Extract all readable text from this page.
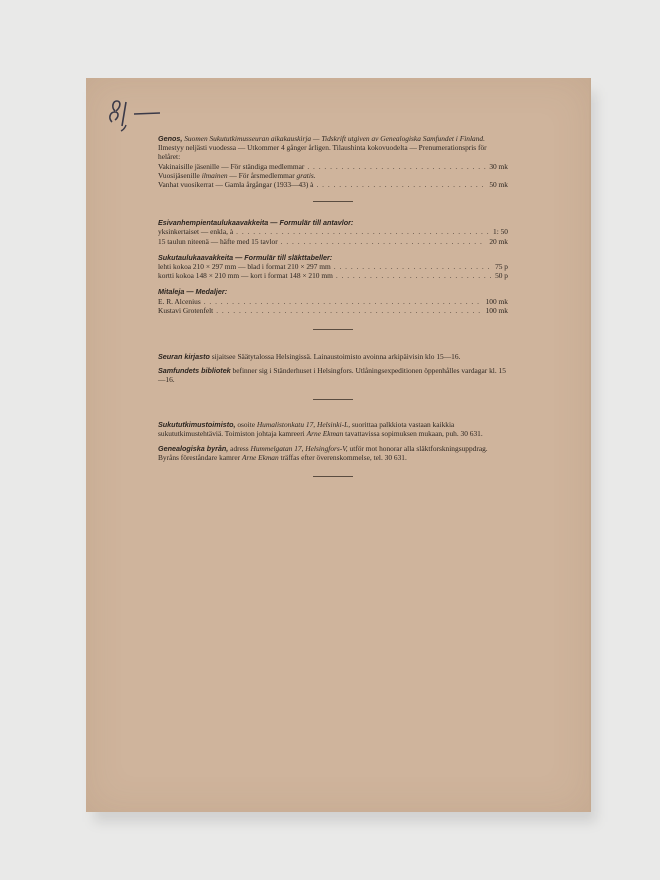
Genos, Suomen Sukututkimusseuran aikakauskirja — Tidskrift utgiven av Genealogiska Samfundet i Finland. Ilmestyy neljästi vuodessa — Utkommer 4 gånger årligen. Tilaushinta kokovuodelta — Prenumerationspris för helåret:

Vakinaisille jäsenille — För ständiga medlemmar . . .	30 mk
Vuosijäsenille ilmainen — För årsmedlemmar gratis.
Vanhat vuosikerrat — Gamla årgångar (1933—43) à . . .	50 mk

Esivanhempientaulukaavakkeita — Formulär till antavlor:

yksinkertaiset — enkla, à . . .	1: 50
15 taulun niteenä — häfte med 15 tavlor . . .	20 mk

Sukutaulukaavakkeita — Formulär till släkttabeller:

lehti kokoa 210 × 297 mm — blad i format 210 × 297 mm . . .	75 p
kortti kokoa 148 × 210 mm — kort i format 148 × 210 mm . . .	50 p

Mitaleja — Medaljer:

E. R. Alcenius . . .	100 mk
Kustavi Grotenfelt . . .	100 mk

Seuran kirjasto sijaitsee Säätytalossa Helsingissä. Lainaustoimisto avoinna arkipäivisin klo 15—16.

Samfundets bibliotek befinner sig i Ständerhuset i Helsingfors. Utlåningsexpeditionen öppenhålles vardagar kl. 15—16.

Sukututkimustoimisto, osoite Humalistonkatu 17, Helsinki-L, suorittaa palkkiota vastaan kaikkia sukututkimustehtäviä. Toimiston johtaja kamreeri Arne Ekman tavattavissa sopimuksen mukaan, puh. 30 631.

Genealogiska byrån, adress Hummelgatan 17, Helsingfors-V, utför mot honorar alla släktforskningsuppdrag. Byråns föreståndare kamrer Arne Ekman träffas efter överenskommelse, tel. 30 631.
